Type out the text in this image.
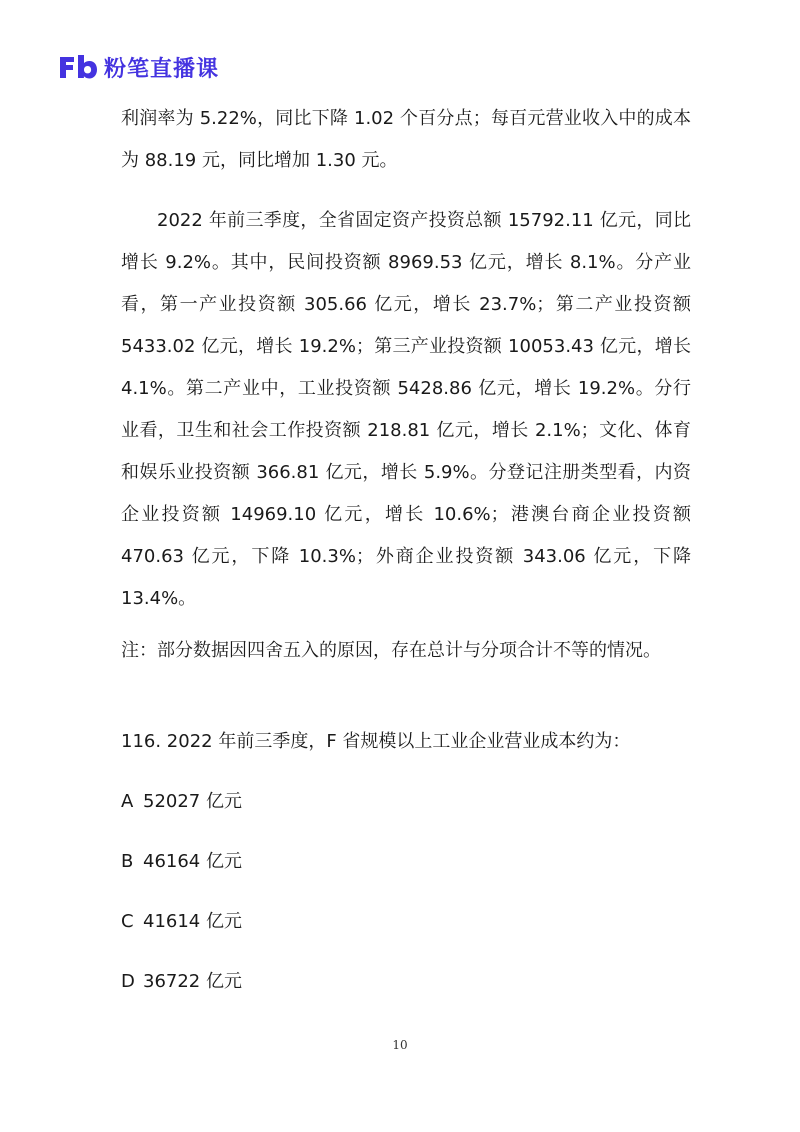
粉笔直播课

利润率为 5.22%，同比下降 1.02 个百分点；每百元营业收入中的成本为 88.19 元，同比增加 1.30 元。

2022 年前三季度，全省固定资产投资总额 15792.11 亿元，同比增长 9.2%。其中，民间投资额 8969.53 亿元，增长 8.1%。分产业看，第一产业投资额 305.66 亿元，增长 23.7%；第二产业投资额 5433.02 亿元，增长 19.2%；第三产业投资额 10053.43 亿元，增长 4.1%。第二产业中，工业投资额 5428.86 亿元，增长 19.2%。分行业看，卫生和社会工作投资额 218.81 亿元，增长 2.1%；文化、体育和娱乐业投资额 366.81 亿元，增长 5.9%。分登记注册类型看，内资企业投资额 14969.10 亿元，增长 10.6%；港澳台商企业投资额 470.63 亿元，下降 10.3%；外商企业投资额 343.06 亿元，下降 13.4%。

注：部分数据因四舍五入的原因，存在总计与分项合计不等的情况。

116. 2022 年前三季度，F 省规模以上工业企业营业成本约为：
A 52027 亿元
B 46164 亿元
C 41614 亿元
D 36722 亿元
10
